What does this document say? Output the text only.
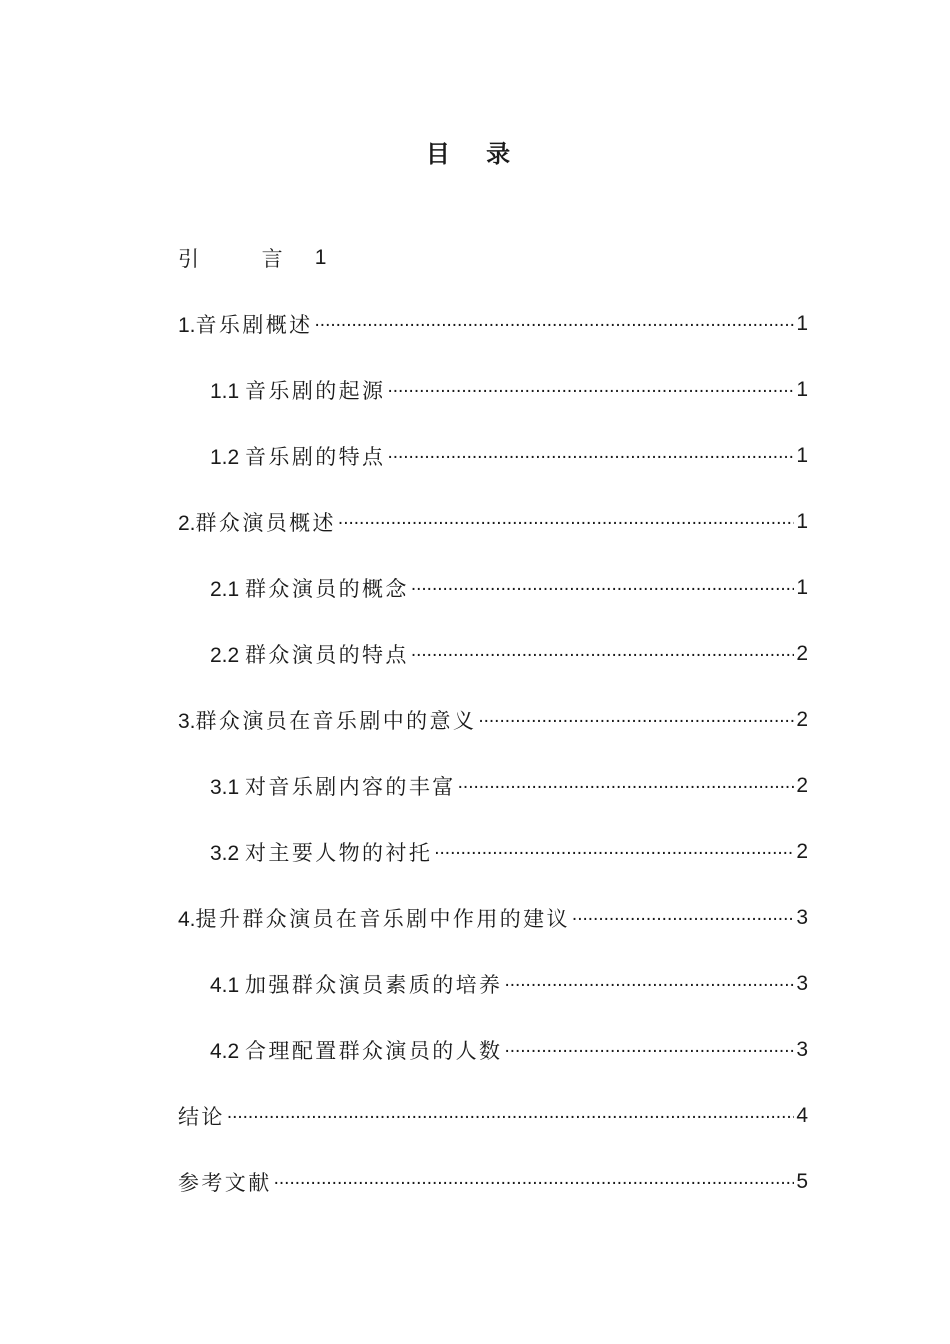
目 录
引 言 1
1.音乐剧概述 .....	1
1.1 音乐剧的起源 .....	1
1.2 音乐剧的特点 .....	1
2.群众演员概述 .....	1
2.1 群众演员的概念 .....	1
2.2 群众演员的特点 .....	2
3.群众演员在音乐剧中的意义 .....	2
3.1 对音乐剧内容的丰富 .....	2
3.2 对主要人物的衬托 .....	2
4.提升群众演员在音乐剧中作用的建议 .....	3
4.1 加强群众演员素质的培养 .....	3
4.2 合理配置群众演员的人数 .....	3
结论 .....	4
参考文献 .....	5
